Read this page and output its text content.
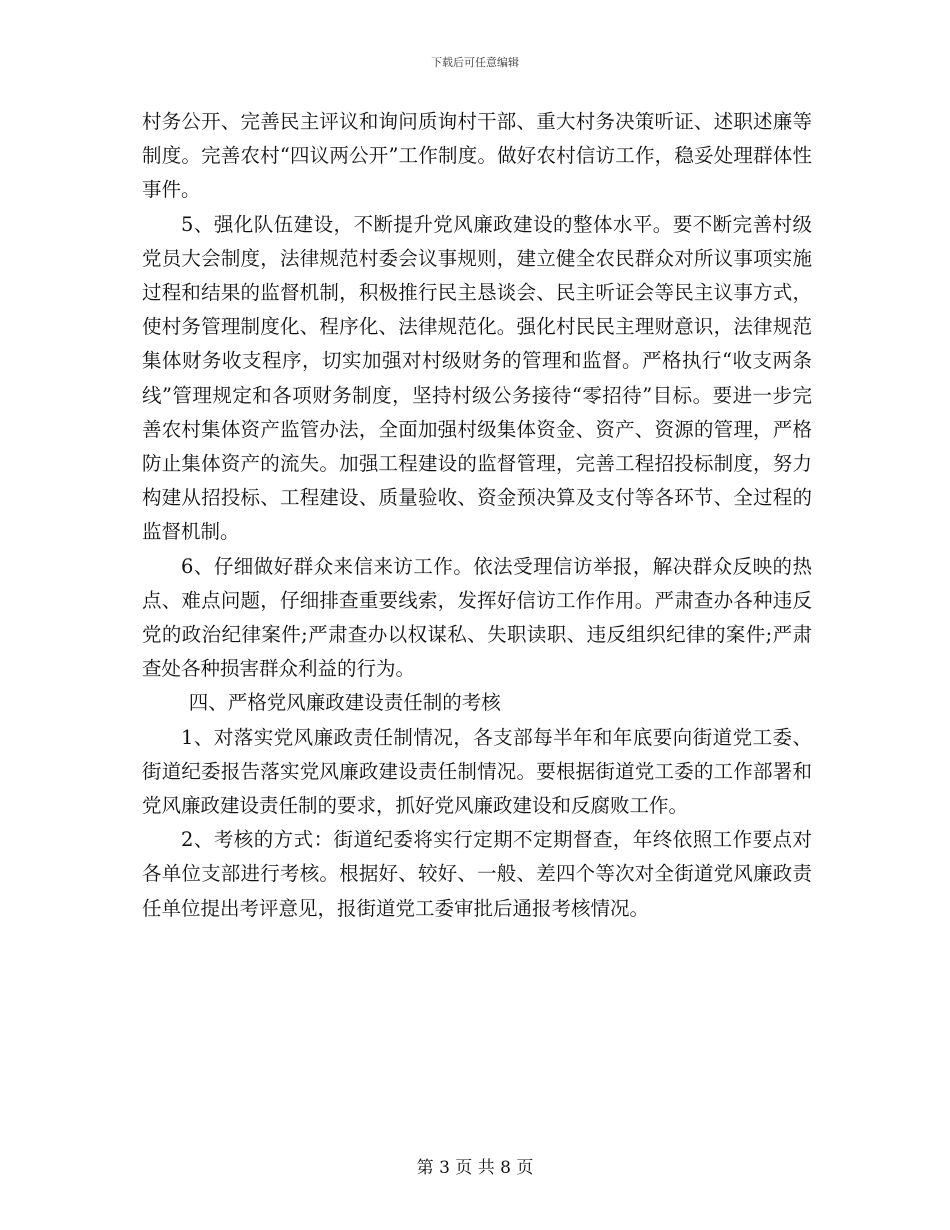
下载后可任意编辑

村务公开、完善民主评议和询问质询村干部、重大村务决策听证、述职述廉等制度。完善农村“四议两公开”工作制度。做好农村信访工作，稳妥处理群体性事件。

5、强化队伍建设，不断提升党风廉政建设的整体水平。要不断完善村级党员大会制度，法律规范村委会议事规则，建立健全农民群众对所议事项实施过程和结果的监督机制，积极推行民主恳谈会、民主听证会等民主议事方式，使村务管理制度化、程序化、法律规范化。强化村民民主理财意识，法律规范集体财务收支程序，切实加强对村级财务的管理和监督。严格执行“收支两条线”管理规定和各项财务制度，坚持村级公务接待“零招待”目标。要进一步完善农村集体资产监管办法，全面加强村级集体资金、资产、资源的管理，严格防止集体资产的流失。加强工程建设的监督管理，完善工程招投标制度，努力构建从招投标、工程建设、质量验收、资金预决算及支付等各环节、全过程的监督机制。

6、仔细做好群众来信来访工作。依法受理信访举报，解决群众反映的热点、难点问题，仔细排查重要线索，发挥好信访工作作用。严肃查办各种违反党的政治纪律案件;严肃查办以权谋私、失职读职、违反组织纪律的案件;严肃查处各种损害群众利益的行为。

四、严格党风廉政建设责任制的考核

1、对落实党风廉政责任制情况，各支部每半年和年底要向街道党工委、街道纪委报告落实党风廉政建设责任制情况。要根据街道党工委的工作部署和党风廉政建设责任制的要求，抓好党风廉政建设和反腐败工作。

2、考核的方式：街道纪委将实行定期不定期督查，年终依照工作要点对各单位支部进行考核。根据好、较好、一般、差四个等次对全街道党风廉政责任单位提出考评意见，报街道党工委审批后通报考核情况。

第 3 页 共 8 页
